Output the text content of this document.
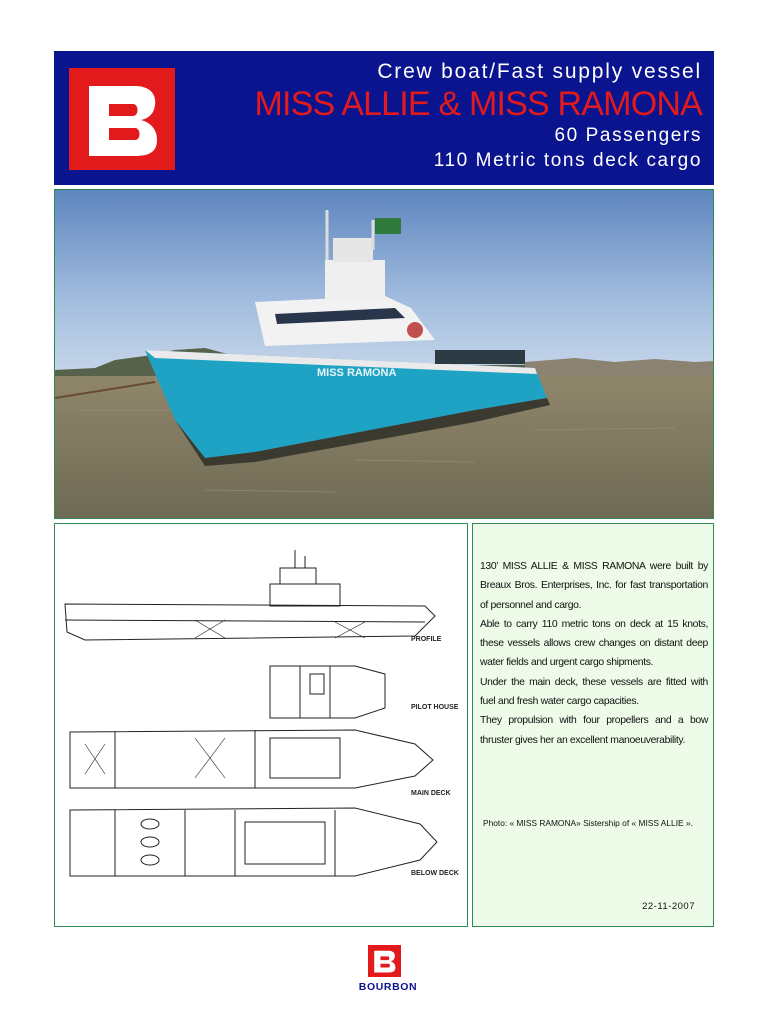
Crew boat/Fast supply vessel

MISS ALLIE & MISS RAMONA

60 Passengers

110 Metric tons deck cargo

MISS RAMONA
PROFILE
PILOT HOUSE
MAIN DECK
BELOW DECK

130’ MISS ALLIE & MISS RAMONA were built by Breaux Bros. Enterprises, Inc. for fast transportation of personnel and cargo.

Able to carry 110 metric tons on deck at 15 knots, these vessels allows crew changes on distant deep water fields and urgent cargo shipments.

Under the main deck, these vessels are fitted with fuel and fresh water cargo capacities.

They propulsion with four propellers and a bow thruster gives her an excellent manoeuverability.

Photo: « MISS RAMONA» Sistership of « MISS ALLIE ».
22-11-2007
BOURBON
